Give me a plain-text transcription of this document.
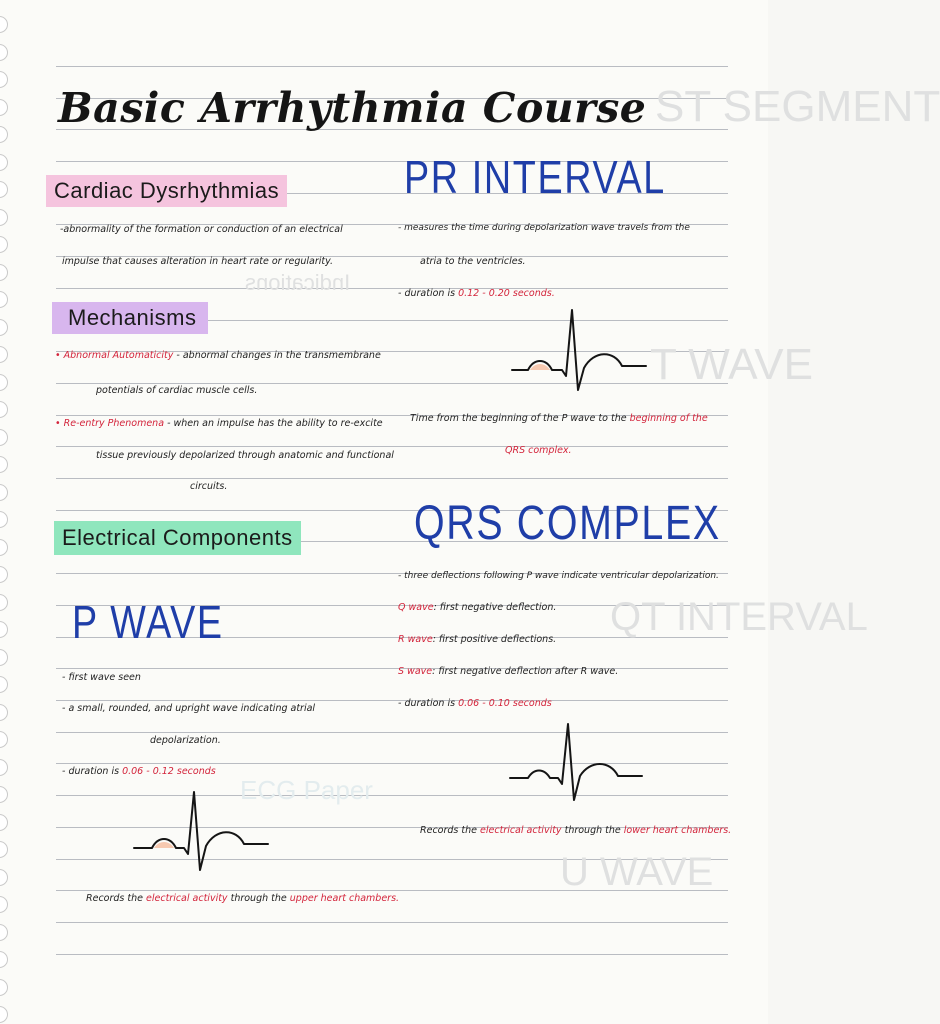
ST SEGMENT
Indications
T WAVE
QT INTERVAL
ECG Paper
U WAVE
Basic Arrhythmia Course
Cardiac Dysrhythmias
-abnormality of the formation or conduction of an electrical
impulse that causes alteration in heart rate or regularity.
Mechanisms
• Abnormal Automaticity - abnormal changes in the transmembrane
potentials of cardiac muscle cells.
• Re-entry Phenomena - when an impulse has the ability to re-excite
tissue previously depolarized through anatomic and functional
circuits.
Electrical Components
P WAVE
- first wave seen
- a small, rounded, and upright wave indicating atrial
depolarization.
- duration is 0.06 - 0.12 seconds
Records the electrical activity through the upper heart chambers.
PR INTERVAL
- measures the time during depolarization wave travels from the
atria to the ventricles.
- duration is 0.12 - 0.20 seconds.
Time from the beginning of the P wave to the beginning of the
QRS complex.
QRS COMPLEX
- three deflections following P wave indicate ventricular depolarization.
Q wave: first negative deflection.
R wave: first positive deflections.
S wave: first negative deflection after R wave.
- duration is 0.06 - 0.10 seconds
Records the electrical activity through the lower heart chambers.
